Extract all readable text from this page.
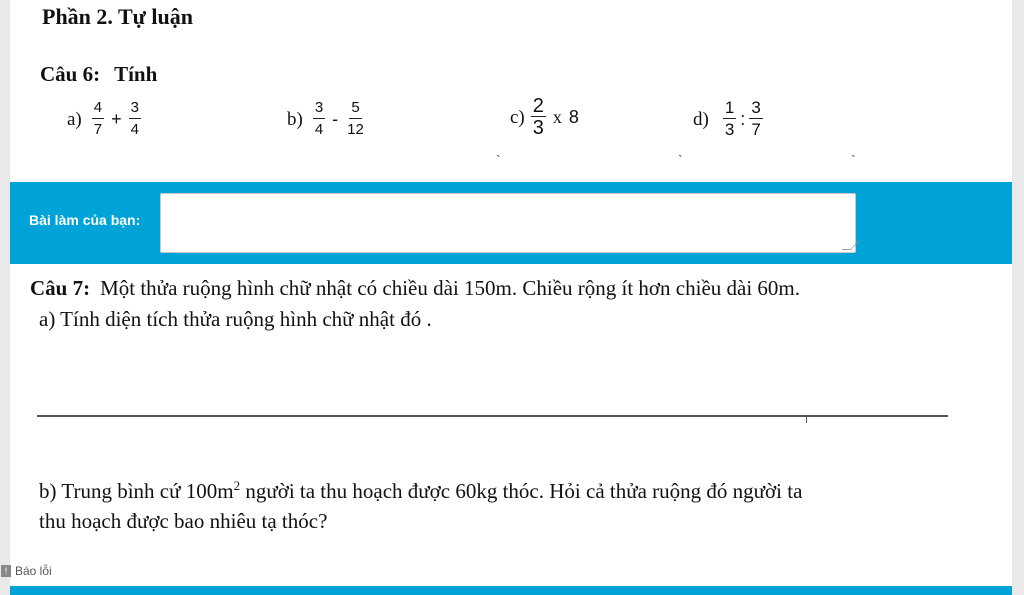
Phần 2. Tự luận
Câu 6: Tính
$a) \frac{4}{7} + \frac{3}{4}$	$b) \frac{3}{4} - \frac{5}{12}$	$c) \frac{2}{3}$ x 8	$d) \frac{1}{3}$ : $\frac{3}{7}$
`	`	`
Bài làm của bạn:
Câu 7: Một thửa ruộng hình chữ nhật có chiều dài 150m. Chiều rộng ít hơn chiều dài 60m.
a) Tính diện tích thửa ruộng hình chữ nhật đó .
b) Trung bình cứ $100m^2$ người ta thu hoạch được 60kg thóc. Hỏi cả thửa ruộng đó người ta
thu hoạch được bao nhiêu tạ thóc?
! Báo lỗi
